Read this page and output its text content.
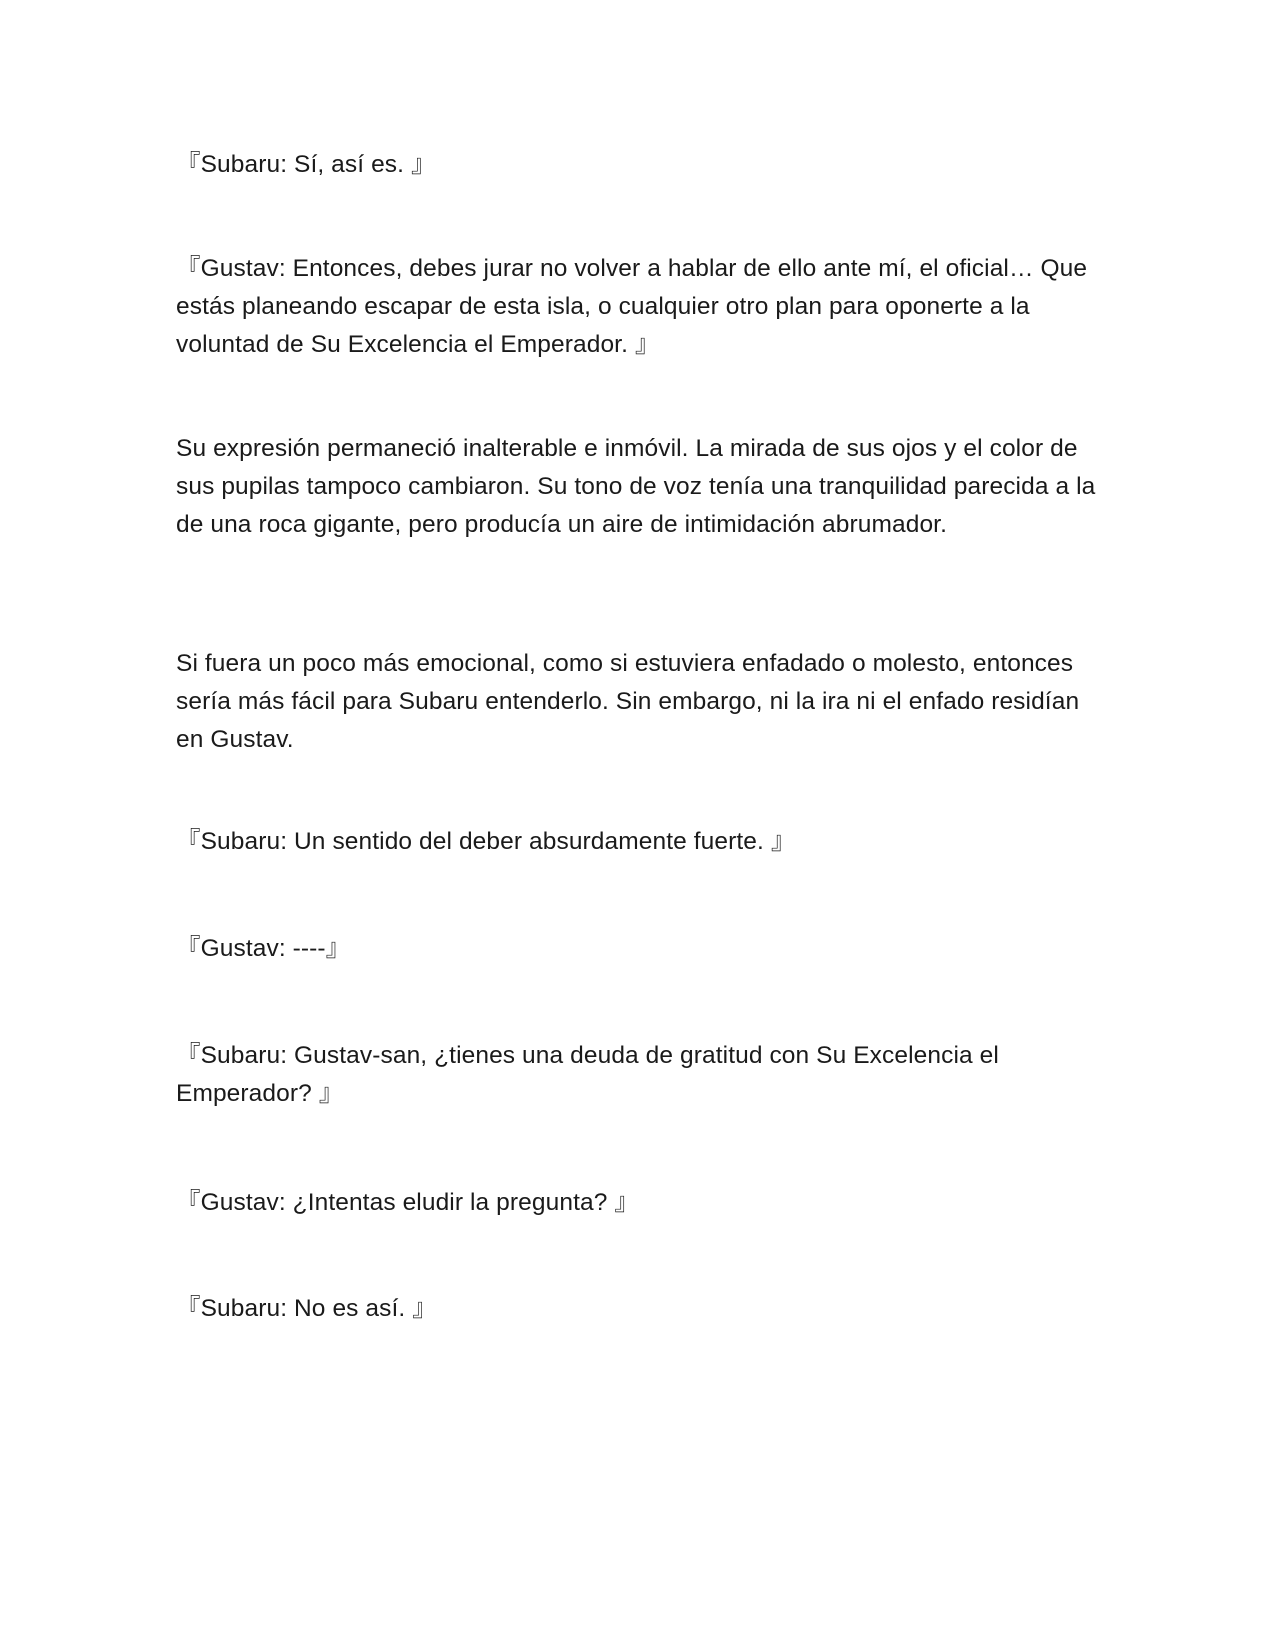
『Subaru: Sí, así es. 』

『Gustav: Entonces, debes jurar no volver a hablar de ello ante mí, el oficial… Que estás planeando escapar de esta isla, o cualquier otro plan para oponerte a la voluntad de Su Excelencia el Emperador. 』

Su expresión permaneció inalterable e inmóvil. La mirada de sus ojos y el color de sus pupilas tampoco cambiaron. Su tono de voz tenía una tranquilidad parecida a la de una roca gigante, pero producía un aire de intimidación abrumador.

Si fuera un poco más emocional, como si estuviera enfadado o molesto, entonces sería más fácil para Subaru entenderlo. Sin embargo, ni la ira ni el enfado residían en Gustav.

『Subaru: Un sentido del deber absurdamente fuerte. 』

『Gustav: ----』

『Subaru: Gustav-san, ¿tienes una deuda de gratitud con Su Excelencia el Emperador? 』

『Gustav: ¿Intentas eludir la pregunta? 』

『Subaru: No es así. 』
